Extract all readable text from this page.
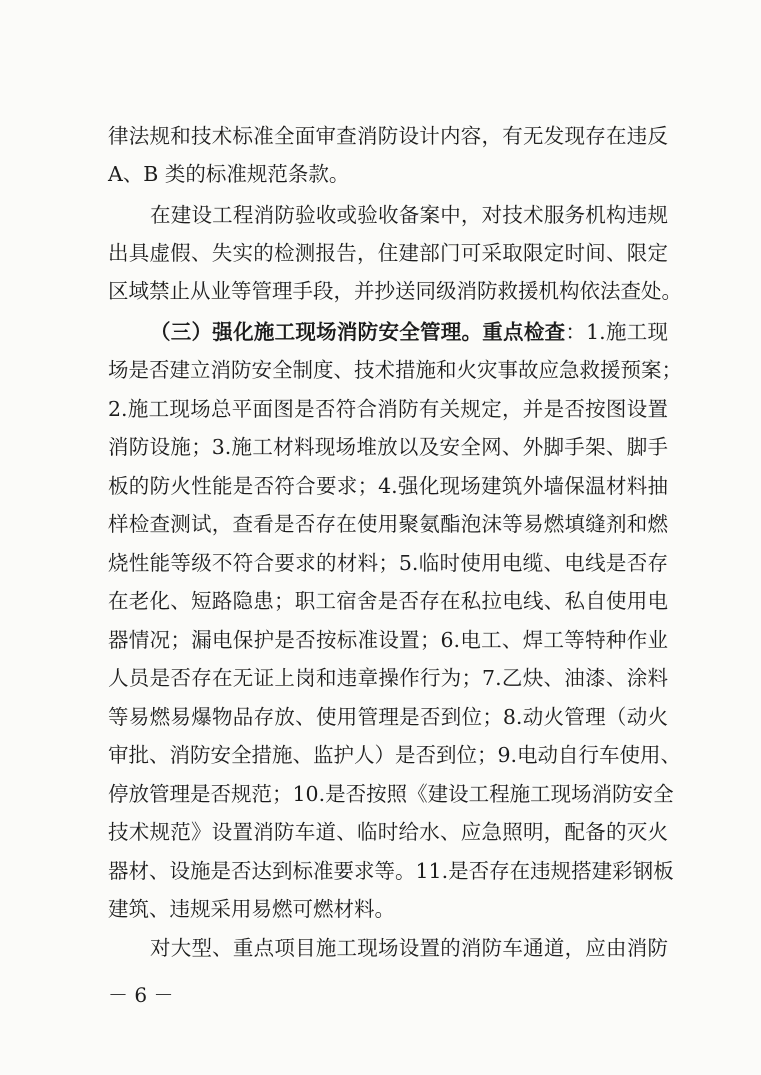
律法规和技术标准全面审查消防设计内容，有无发现存在违反
A、B 类的标准规范条款。
在建设工程消防验收或验收备案中，对技术服务机构违规
出具虚假、失实的检测报告，住建部门可采取限定时间、限定
区域禁止从业等管理手段，并抄送同级消防救援机构依法查处。
（三）强化施工现场消防安全管理。重点检查：1.施工现
场是否建立消防安全制度、技术措施和火灾事故应急救援预案；
2.施工现场总平面图是否符合消防有关规定，并是否按图设置
消防设施；3.施工材料现场堆放以及安全网、外脚手架、脚手
板的防火性能是否符合要求；4.强化现场建筑外墙保温材料抽
样检查测试，查看是否存在使用聚氨酯泡沫等易燃填缝剂和燃
烧性能等级不符合要求的材料；5.临时使用电缆、电线是否存
在老化、短路隐患；职工宿舍是否存在私拉电线、私自使用电
器情况；漏电保护是否按标准设置；6.电工、焊工等特种作业
人员是否存在无证上岗和违章操作行为；7.乙炔、油漆、涂料
等易燃易爆物品存放、使用管理是否到位；8.动火管理（动火
审批、消防安全措施、监护人）是否到位；9.电动自行车使用、
停放管理是否规范；10.是否按照《建设工程施工现场消防安全
技术规范》设置消防车道、临时给水、应急照明，配备的灭火
器材、设施是否达到标准要求等。11.是否存在违规搭建彩钢板
建筑、违规采用易燃可燃材料。
对大型、重点项目施工现场设置的消防车通道，应由消防
－ 6 －
